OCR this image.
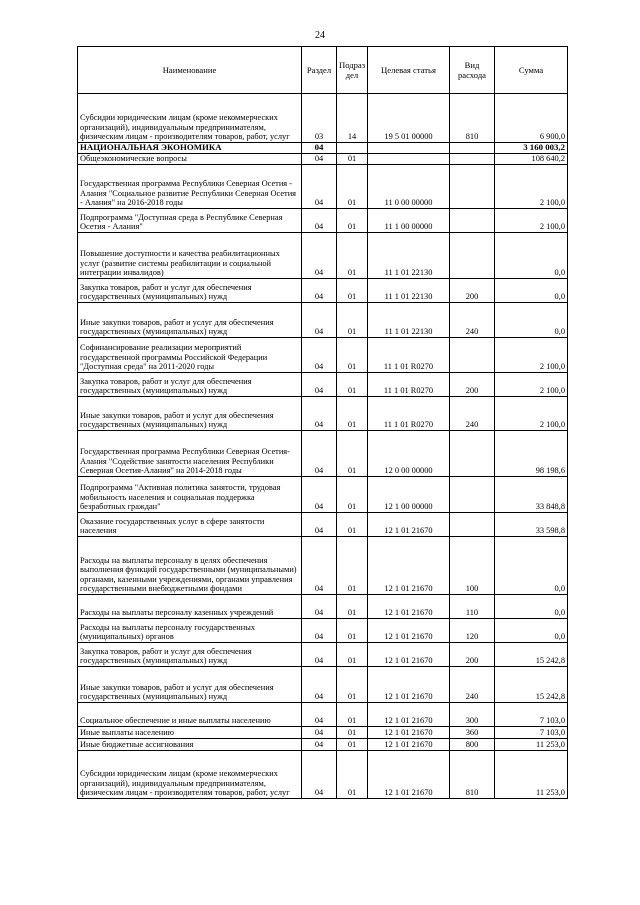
24
Наименование	Раздел	Подраз дел	Целевая статья	Вид расхода	Сумма
Субсидии юридическим лицам (кроме некоммерческих организаций), индивидуальным предпринимателям, физическим лицам - производителям товаров, работ, услуг	03	14	19 5 01 00000	810	6 900,0
НАЦИОНАЛЬНАЯ ЭКОНОМИКА	04				3 160 003,2
Общеэкономические вопросы	04	01			108 640,2
Государственная программа Республики Северная Осетия - Алания "Социальное развитие Республики Северная Осетия - Алания" на 2016-2018 годы	04	01	11 0 00 00000		2 100,0
Подпрограмма "Доступная среда в Республике Северная Осетия - Алания"	04	01	11 1 00 00000		2 100,0
Повышение доступности и качества реабилитационных услуг (развитие системы реабилитации и социальной интеграции инвалидов)	04	01	11 1 01 22130		0,0
Закупка товаров, работ и услуг для обеспечения государственных (муниципальных) нужд	04	01	11 1 01 22130	200	0,0
Иные закупки товаров, работ и услуг для обеспечения государственных (муниципальных) нужд	04	01	11 1 01 22130	240	0,0
Софинансирование реализации мероприятий государственной программы Российской Федерации "Доступная среда" на 2011-2020 годы	04	01	11 1 01 R0270		2 100,0
Закупка товаров, работ и услуг для обеспечения государственных (муниципальных) нужд	04	01	11 1 01 R0270	200	2 100,0
Иные закупки товаров, работ и услуг для обеспечения государственных (муниципальных) нужд	04	01	11 1 01 R0270	240	2 100,0
Государственная программа Республики Северная Осетия-Алания "Содействие занятости населения Республики Северная Осетия-Алания" на 2014-2018 годы	04	01	12 0 00 00000		98 198,6
Подпрограмма "Активная политика занятости, трудовая мобильность населения и социальная поддержка безработных граждан"	04	01	12 1 00 00000		33 848,8
Оказание государственных услуг в сфере занятости населения	04	01	12 1 01 21670		33 598,8
Расходы на выплаты персоналу в целях обеспечения выполнения функций государственными (муниципальными) органами, казенными учреждениями, органами управления государственными внебюджетными фондами	04	01	12 1 01 21670	100	0,0
Расходы на выплаты персоналу казенных учреждений	04	01	12 1 01 21670	110	0,0
Расходы на выплаты персоналу государственных (муниципальных) органов	04	01	12 1 01 21670	120	0,0
Закупка товаров, работ и услуг для обеспечения государственных (муниципальных) нужд	04	01	12 1 01 21670	200	15 242,8
Иные закупки товаров, работ и услуг для обеспечения государственных (муниципальных) нужд	04	01	12 1 01 21670	240	15 242,8
Социальное обеспечение и иные выплаты населению	04	01	12 1 01 21670	300	7 103,0
Иные выплаты населению	04	01	12 1 01 21670	360	7 103,0
Иные бюджетные ассигнования	04	01	12 1 01 21670	800	11 253,0
Субсидии юридическим лицам (кроме некоммерческих организаций), индивидуальным предпринимателям, физическим лицам - производителям товаров, работ, услуг	04	01	12 1 01 21670	810	11 253,0
